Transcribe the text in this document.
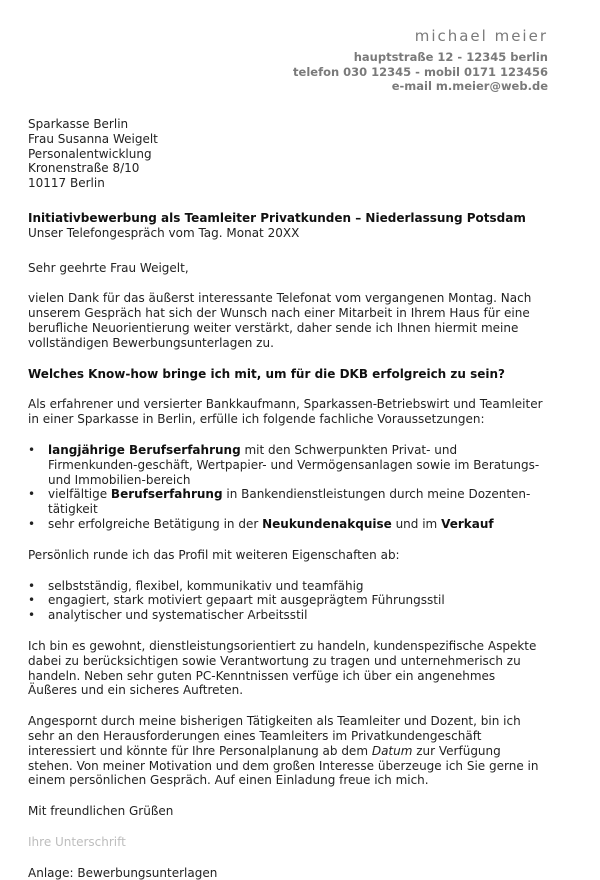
michael meier
hauptstraße 12 - 12345 berlin
telefon 030 12345 - mobil 0171 123456
e-mail m.meier@web.de

Sparkasse Berlin

Frau Susanna Weigelt

Personalentwicklung

Kronenstraße 8/10

10117 Berlin

Initiativbewerbung als Teamleiter Privatkunden – Niederlassung Potsdam

Unser Telefongespräch vom Tag. Monat 20XX

Sehr geehrte Frau Weigelt,

vielen Dank für das äußerst interessante Telefonat vom vergangenen Montag. Nach unserem Gespräch hat sich der Wunsch nach einer Mitarbeit in Ihrem Haus für eine berufliche Neuorientierung weiter verstärkt, daher sende ich Ihnen hiermit meine vollständigen Bewerbungsunterlagen zu.

Welches Know-how bringe ich mit, um für die DKB erfolgreich zu sein?

Als erfahrener und versierter Bankkaufmann, Sparkassen-Betriebswirt und Teamleiter in einer Sparkasse in Berlin, erfülle ich folgende fachliche Voraussetzungen:

• langjährige Berufserfahrung mit den Schwerpunkten Privat- und Firmenkunden-geschäft, Wertpapier- und Vermögensanlagen sowie im Beratungs- und Immobilien-bereich
• vielfältige Berufserfahrung in Bankendienstleistungen durch meine Dozenten-tätigkeit
• sehr erfolgreiche Betätigung in der Neukundenakquise und im Verkauf

Persönlich runde ich das Profil mit weiteren Eigenschaften ab:

• selbstständig, flexibel, kommunikativ und teamfähig
• engagiert, stark motiviert gepaart mit ausgeprägtem Führungsstil
• analytischer und systematischer Arbeitsstil

Ich bin es gewohnt, dienstleistungsorientiert zu handeln, kundenspezifische Aspekte dabei zu berücksichtigen sowie Verantwortung zu tragen und unternehmerisch zu handeln. Neben sehr guten PC-Kenntnissen verfüge ich über ein angenehmes Äußeres und ein sicheres Auftreten.

Angespornt durch meine bisherigen Tätigkeiten als Teamleiter und Dozent, bin ich sehr an den Herausforderungen eines Teamleiters im Privatkundengeschäft interessiert und könnte für Ihre Personalplanung ab dem Datum zur Verfügung stehen. Von meiner Motivation und dem großen Interesse überzeuge ich Sie gerne in einem persönlichen Gespräch. Auf einen Einladung freue ich mich.

Mit freundlichen Grüßen

Ihre Unterschrift

Anlage: Bewerbungsunterlagen
